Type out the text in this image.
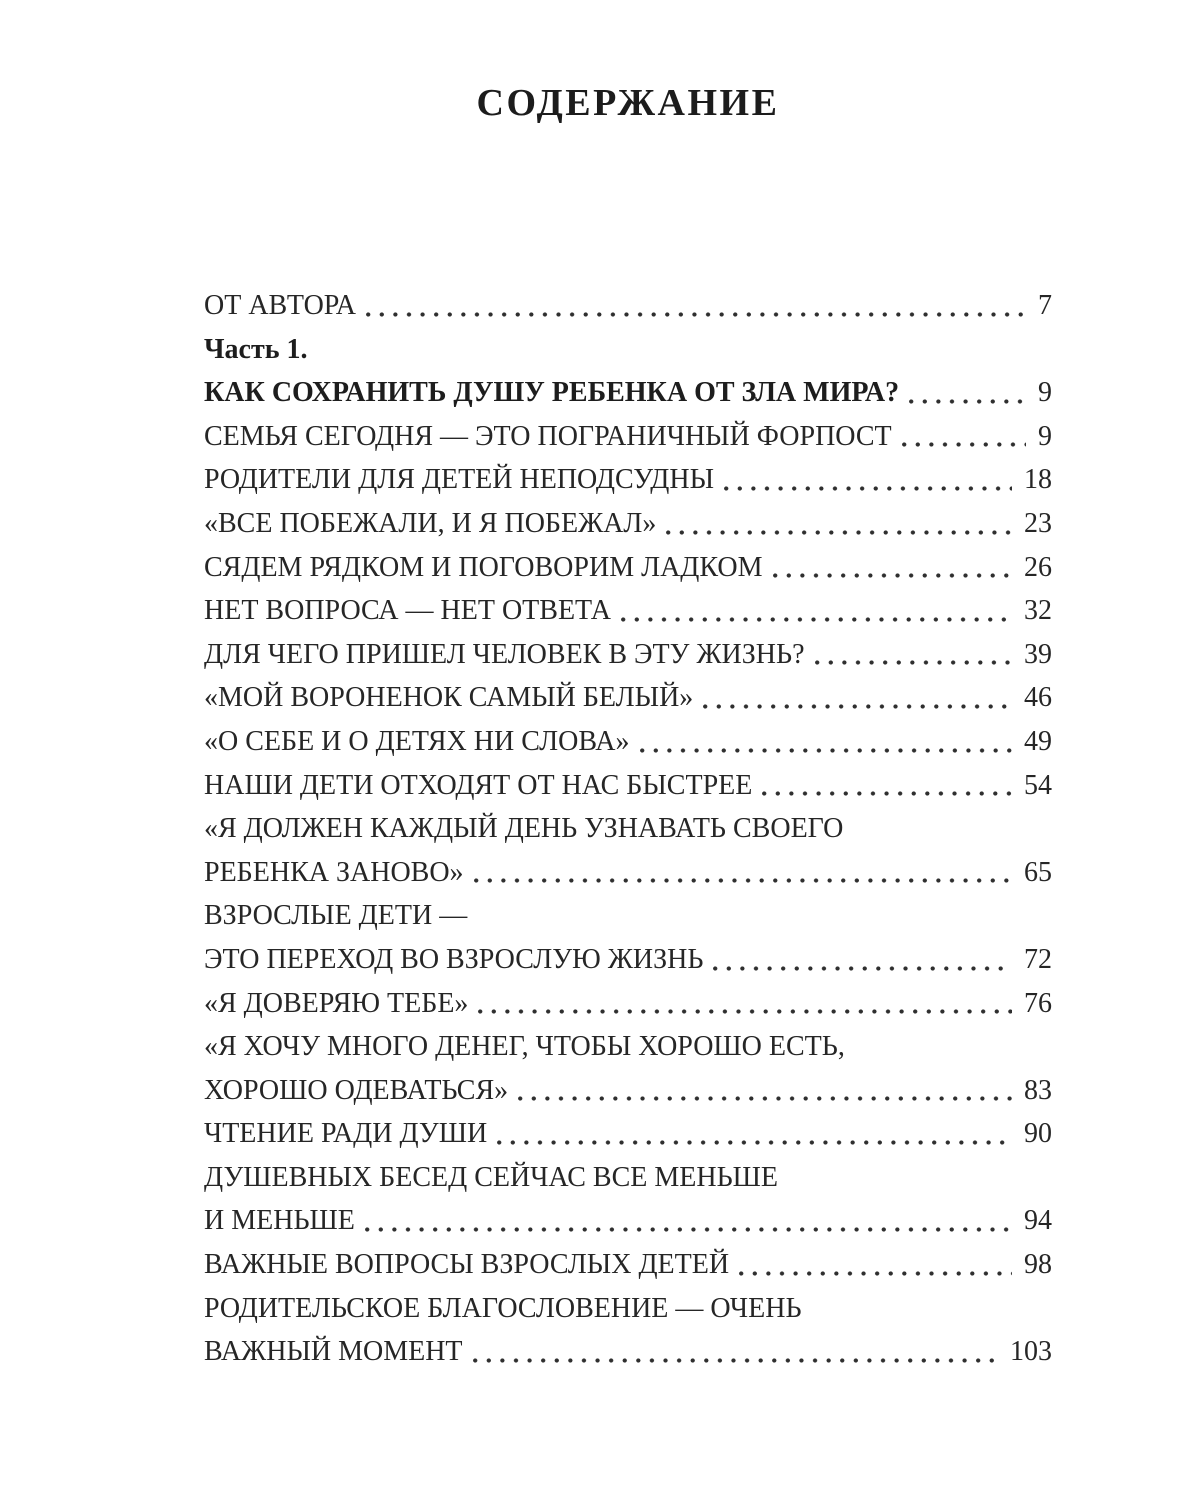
СОДЕРЖАНИЕ
ОТ АВТОРА	7
Часть 1.
КАК СОХРАНИТЬ ДУШУ РЕБЕНКА ОТ ЗЛА МИРА?	9
СЕМЬЯ СЕГОДНЯ — ЭТО ПОГРАНИЧНЫЙ ФОРПОСТ	9
РОДИТЕЛИ ДЛЯ ДЕТЕЙ НЕПОДСУДНЫ	18
«ВСЕ ПОБЕЖАЛИ, И Я ПОБЕЖАЛ»	23
СЯДЕМ РЯДКОМ И ПОГОВОРИМ ЛАДКОМ	26
НЕТ ВОПРОСА — НЕТ ОТВЕТА	32
ДЛЯ ЧЕГО ПРИШЕЛ ЧЕЛОВЕК В ЭТУ ЖИЗНЬ?	39
«МОЙ ВОРОНЕНОК САМЫЙ БЕЛЫЙ»	46
«О СЕБЕ И О ДЕТЯХ НИ СЛОВА»	49
НАШИ ДЕТИ ОТХОДЯТ ОТ НАС БЫСТРЕЕ	54
«Я ДОЛЖЕН КАЖДЫЙ ДЕНЬ УЗНАВАТЬ СВОЕГО
РЕБЕНКА ЗАНОВО»	65
ВЗРОСЛЫЕ ДЕТИ —
ЭТО ПЕРЕХОД ВО ВЗРОСЛУЮ ЖИЗНЬ	72
«Я ДОВЕРЯЮ ТЕБЕ»	76
«Я ХОЧУ МНОГО ДЕНЕГ, ЧТОБЫ ХОРОШО ЕСТЬ,
ХОРОШО ОДЕВАТЬСЯ»	83
ЧТЕНИЕ РАДИ ДУШИ	90
ДУШЕВНЫХ БЕСЕД СЕЙЧАС ВСЕ МЕНЬШЕ
И МЕНЬШЕ	94
ВАЖНЫЕ ВОПРОСЫ ВЗРОСЛЫХ ДЕТЕЙ	98
РОДИТЕЛЬСКОЕ БЛАГОСЛОВЕНИЕ — ОЧЕНЬ
ВАЖНЫЙ МОМЕНТ	103
